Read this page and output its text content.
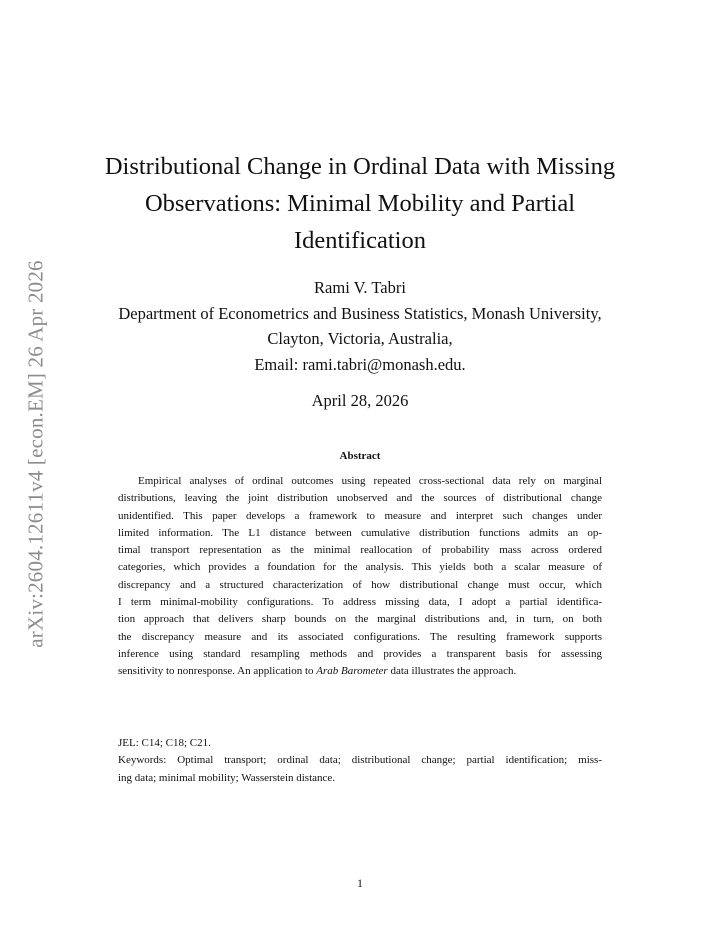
arXiv:2604.12611v4 [econ.EM] 26 Apr 2026
Distributional Change in Ordinal Data with Missing
Observations: Minimal Mobility and Partial
Identification
Rami V. Tabri
Department of Econometrics and Business Statistics, Monash University,
Clayton, Victoria, Australia,
Email: rami.tabri@monash.edu.
April 28, 2026
Abstract
Empirical analyses of ordinal outcomes using repeated cross-sectional data rely on marginal
distributions, leaving the joint distribution unobserved and the sources of distributional change
unidentified. This paper develops a framework to measure and interpret such changes under
limited information. The L1 distance between cumulative distribution functions admits an op-
timal transport representation as the minimal reallocation of probability mass across ordered
categories, which provides a foundation for the analysis. This yields both a scalar measure of
discrepancy and a structured characterization of how distributional change must occur, which
I term minimal-mobility configurations. To address missing data, I adopt a partial identifica-
tion approach that delivers sharp bounds on the marginal distributions and, in turn, on both
the discrepancy measure and its associated configurations. The resulting framework supports
inference using standard resampling methods and provides a transparent basis for assessing
sensitivity to nonresponse. An application to Arab Barometer data illustrates the approach.
JEL: C14; C18; C21.
Keywords: Optimal transport; ordinal data; distributional change; partial identification; miss-
ing data; minimal mobility; Wasserstein distance.
1
